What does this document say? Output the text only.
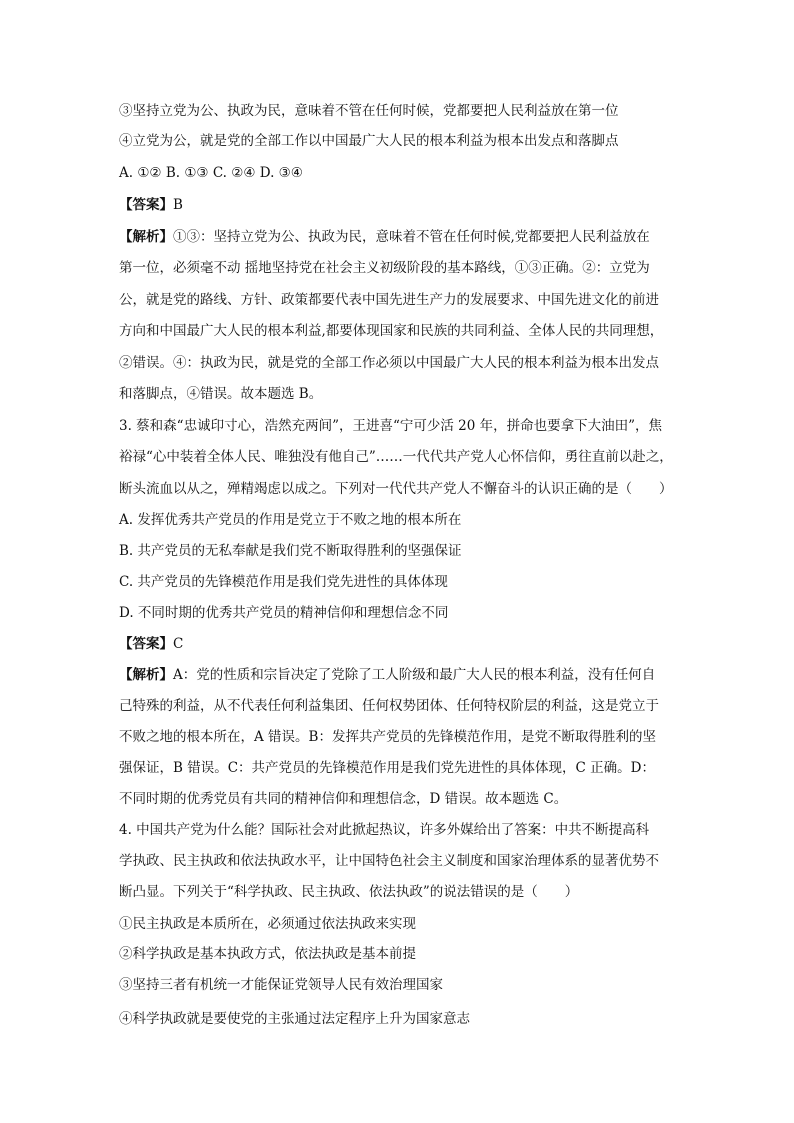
③坚持立党为公、执政为民，意味着不管在任何时候，党都要把人民利益放在第一位
④立党为公，就是党的全部工作以中国最广大人民的根本利益为根本出发点和落脚点
A. ①② B. ①③ C. ②④ D. ③④
【答案】B
【解析】①③：坚持立党为公、执政为民，意味着不管在任何时候,党都要把人民利益放在
第一位，必须毫不动 摇地坚持党在社会主义初级阶段的基本路线，①③正确。②：立党为
公，就是党的路线、方针、政策都要代表中国先进生产力的发展要求、中国先进文化的前进
方向和中国最广大人民的根本利益,都要体现国家和民族的共同利益、全体人民的共同理想，
②错误。④：执政为民，就是党的全部工作必须以中国最广大人民的根本利益为根本出发点
和落脚点，④错误。故本题选 B。
3. 蔡和森“忠诚印寸心，浩然充两间”，王进喜“宁可少活 20 年，拼命也要拿下大油田”，焦
裕禄“心中装着全体人民、唯独没有他自己”……一代代共产党人心怀信仰，勇往直前以赴之，
断头流血以从之，殚精竭虑以成之。下列对一代代共产党人不懈奋斗的认识正确的是（　　）
A. 发挥优秀共产党员的作用是党立于不败之地的根本所在
B. 共产党员的无私奉献是我们党不断取得胜利的坚强保证
C. 共产党员的先锋模范作用是我们党先进性的具体体现
D. 不同时期的优秀共产党员的精神信仰和理想信念不同
【答案】C
【解析】A：党的性质和宗旨决定了党除了工人阶级和最广大人民的根本利益，没有任何自
己特殊的利益，从不代表任何利益集团、任何权势团体、任何特权阶层的利益，这是党立于
不败之地的根本所在，A 错误。B：发挥共产党员的先锋模范作用，是党不断取得胜利的坚
强保证，B 错误。C：共产党员的先锋模范作用是我们党先进性的具体体现，C 正确。D：
不同时期的优秀党员有共同的精神信仰和理想信念，D 错误。故本题选 C。
4. 中国共产党为什么能？国际社会对此掀起热议，许多外媒给出了答案：中共不断提高科
学执政、民主执政和依法执政水平，让中国特色社会主义制度和国家治理体系的显著优势不
断凸显。下列关于“科学执政、民主执政、依法执政”的说法错误的是（　　）
①民主执政是本质所在，必须通过依法执政来实现
②科学执政是基本执政方式，依法执政是基本前提
③坚持三者有机统一才能保证党领导人民有效治理国家
④科学执政就是要使党的主张通过法定程序上升为国家意志
